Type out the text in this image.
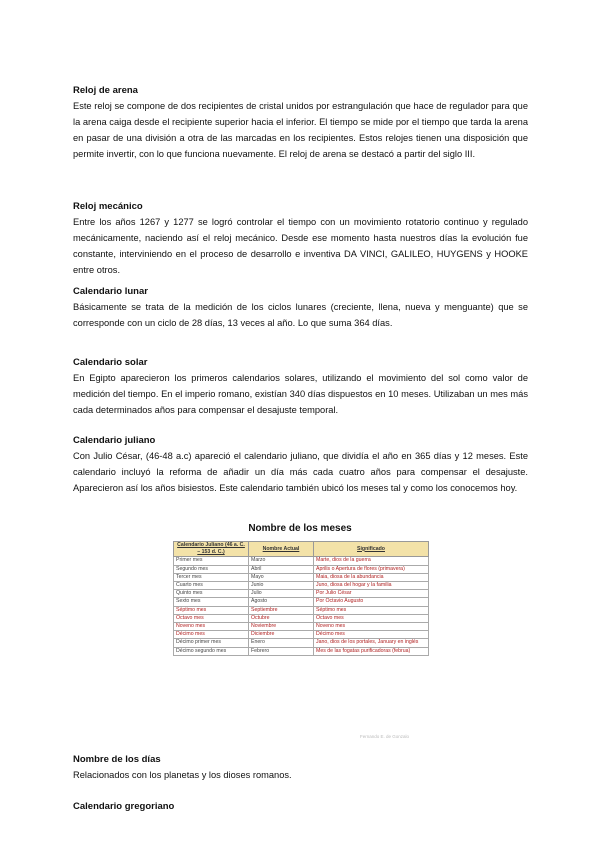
Reloj de arena

Este reloj se compone de dos recipientes de cristal unidos por estrangulación que hace de regulador para que la arena caiga desde el recipiente superior hacia el inferior. El tiempo se mide por el tiempo que tarda la arena en pasar de una división a otra de las marcadas en los recipientes. Estos relojes tienen una disposición que permite invertir, con lo que funciona nuevamente. El reloj de arena se destacó a partir del siglo III.

Reloj mecánico

Entre los años 1267 y 1277 se logró controlar el tiempo con un movimiento rotatorio continuo y regulado mecánicamente, naciendo así el reloj mecánico. Desde ese momento hasta nuestros días la evolución fue constante, interviniendo en el proceso de desarrollo e inventiva DA VINCI, GALILEO, HUYGENS y HOOKE entre otros.

Calendario lunar

Básicamente se trata de la medición de los ciclos lunares (creciente, llena, nueva y menguante) que se corresponde con un ciclo de 28 días, 13 veces al año. Lo que suma 364 días.

Calendario solar

En Egipto aparecieron los primeros calendarios solares, utilizando el movimiento del sol como valor de medición del tiempo. En el imperio romano, existían 340 días dispuestos en 10 meses. Utilizaban un mes más cada determinados años para compensar el desajuste temporal.

Calendario juliano

Con Julio César, (46-48 a.c) apareció el calendario juliano, que dividía el año en 365 días y 12 meses. Este calendario incluyó la reforma de añadir un día más cada cuatro años para compensar el desajuste. Aparecieron así los años bisiestos. Este calendario también ubicó los meses tal y como los conocemos hoy.

Nombre de los meses
Calendario Juliano (46 a. C. – 153 d. C.)	Nombre Actual	Significado
Primer mes	Marzo	Marte, dios de la guerra
Segundo mes	Abril	Aprilis o Apertura de flores (primavera)
Tercer mes	Mayo	Maia, diosa de la abundancia
Cuarto mes	Junio	Juno, diosa del hogar y la familia
Quinto mes	Julio	Por Julio César
Sexto mes	Agosto	Por Octavio Augusto
Séptimo mes	Septiembre	Séptimo mes
Octavo mes	Octubre	Octavo mes
Noveno mes	Noviembre	Noveno mes
Décimo mes	Diciembre	Décimo mes
Décimo primer mes	Enero	Jano, dios de los portales, January en inglés
Décimo segundo mes	Febrero	Mes de las fogatas purificadoras (februa)
Fernando E. de Gonzalo

Nombre de los días

Relacionados con los planetas y los dioses romanos.

Calendario gregoriano
